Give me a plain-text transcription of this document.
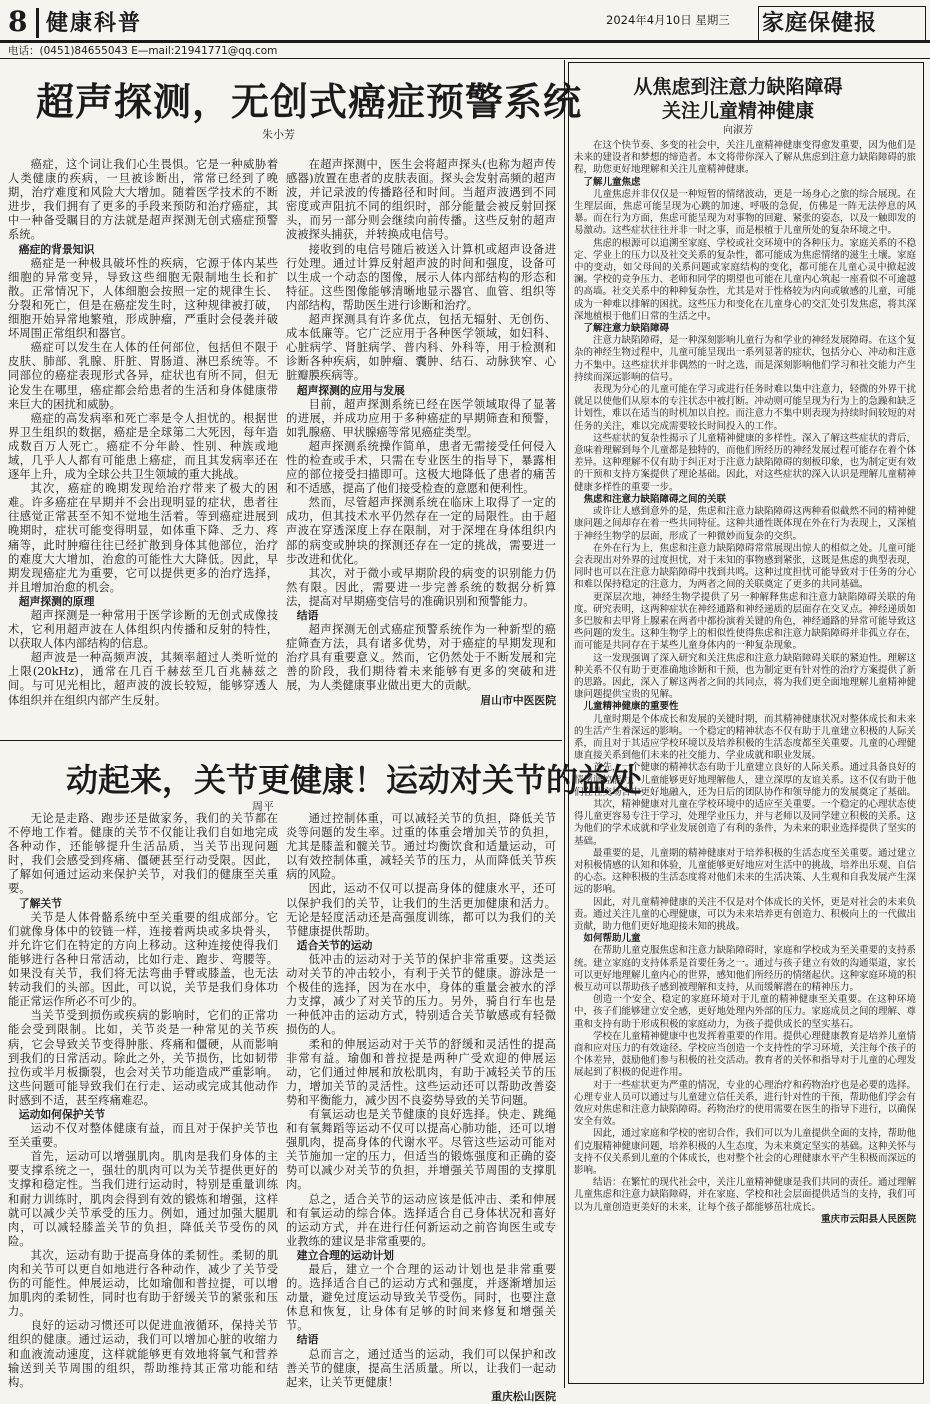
8 健康科普	2024年4月10日 星期三 家庭保健报
电话：(0451)84655043 E—mail:21941771@qq.com
超声探测，无创式癌症预警系统
朱小芳

癌症，这个词让我们心生畏惧。它是一种威胁着人类健康的疾病，一旦被诊断出，常常已经到了晚期，治疗难度和风险大大增加。随着医学技术的不断进步，我们拥有了更多的手段来预防和治疗癌症，其中一种备受瞩目的方法就是超声探测无创式癌症预警系统。

癌症的背景知识

癌症是一种极具破坏性的疾病，它源于体内某些细胞的异常变异，导致这些细胞无限制地生长和扩散。正常情况下，人体细胞会按照一定的规律生长、分裂和死亡，但是在癌症发生时，这种规律被打破，细胞开始异常地繁殖，形成肿瘤，严重时会侵袭并破坏周围正常组织和器官。

癌症可以发生在人体的任何部位，包括但不限于皮肤、肺部、乳腺、肝脏、胃肠道、淋巴系统等。不同部位的癌症表现形式各异，症状也有所不同，但无论发生在哪里，癌症都会给患者的生活和身体健康带来巨大的困扰和威胁。

癌症的高发病率和死亡率是令人担忧的。根据世界卫生组织的数据，癌症是全球第二大死因，每年造成数百万人死亡。癌症不分年龄、性别、种族或地域，几乎人人都有可能患上癌症，而且其发病率还在逐年上升，成为全球公共卫生领域的重大挑战。

其次，癌症的晚期发现给治疗带来了极大的困难。许多癌症在早期并不会出现明显的症状，患者往往感觉正常甚至不知不觉地生活着。等到癌症进展到晚期时，症状可能变得明显，如体重下降、乏力、疼痛等，此时肿瘤往往已经扩散到身体其他部位，治疗的难度大大增加，治愈的可能性大大降低。因此，早期发现癌症尤为重要，它可以提供更多的治疗选择，并且增加治愈的机会。

超声探测的原理

超声探测是一种常用于医学诊断的无创式成像技术，它利用超声波在人体组织内传播和反射的特性，以获取人体内部结构的信息。

超声波是一种高频声波，其频率超过人类听觉的上限(20kHz)，通常在几百千赫兹至几百兆赫兹之间。与可见光相比，超声波的波长较短，能够穿透人体组织并在组织内部产生反射。

在超声探测中，医生会将超声探头(也称为超声传感器)放置在患者的皮肤表面。探头会发射高频的超声波，并记录波的传播路径和时间。当超声波遇到不同密度或声阻抗不同的组织时，部分能量会被反射回探头，而另一部分则会继续向前传播。这些反射的超声波被探头捕获，并转换成电信号。

接收到的电信号随后被送入计算机或超声设备进行处理。通过计算反射超声波的时间和强度，设备可以生成一个动态的图像，展示人体内部结构的形态和特征。这些图像能够清晰地显示器官、血管、组织等内部结构，帮助医生进行诊断和治疗。

超声探测具有许多优点，包括无辐射、无创伤、成本低廉等。它广泛应用于各种医学领域，如妇科、心脏病学、肾脏病学、普内科、外科等，用于检测和诊断各种疾病，如肿瘤、囊肿、结石、动脉狭窄、心脏瓣膜疾病等。

超声探测的应用与发展

目前，超声探测系统已经在医学领域取得了显著的进展，并成功应用于多种癌症的早期筛查和预警，如乳腺癌、甲状腺癌等常见癌症类型。

超声探测系统操作简单，患者无需接受任何侵入性的检查或手术，只需在专业医生的指导下，暴露相应的部位接受扫描即可。这极大地降低了患者的痛苦和不适感，提高了他们接受检查的意愿和便利性。

然而，尽管超声探测系统在临床上取得了一定的成功，但其技术水平仍然存在一定的局限性。由于超声波在穿透深度上存在限制，对于深埋在身体组织内部的病变或肿块的探测还存在一定的挑战，需要进一步改进和优化。

其次，对于微小或早期阶段的病变的识别能力仍然有限。因此，需要进一步完善系统的数据分析算法，提高对早期癌变信号的准确识别和预警能力。

结语

超声探测无创式癌症预警系统作为一种新型的癌症筛查方法，具有诸多优势，对于癌症的早期发现和治疗具有重要意义。然而，它仍然处于不断发展和完善的阶段，我们期待着未来能够有更多的突破和进展，为人类健康事业做出更大的贡献。

眉山市中医医院

动起来，关节更健康！运动对关节的益处
周平

无论是走路、跑步还是做家务，我们的关节都在不停地工作着。健康的关节不仅能让我们自如地完成各种动作，还能够提升生活品质，当关节出现问题时，我们会感受到疼痛、僵硬甚至行动受限。因此，了解如何通过运动来保护关节，对我们的健康至关重要。

了解关节

关节是人体骨骼系统中至关重要的组成部分。它们就像身体中的铰链一样，连接着两块或多块骨头，并允许它们在特定的方向上移动。这种连接使得我们能够进行各种日常活动，比如行走、跑步、弯腰等。如果没有关节，我们将无法弯曲手臂或膝盖，也无法转动我们的头部。因此，可以说，关节是我们身体功能正常运作所必不可少的。

当关节受到损伤或疾病的影响时，它们的正常功能会受到限制。比如，关节炎是一种常见的关节疾病，它会导致关节变得肿胀、疼痛和僵硬，从而影响到我们的日常活动。除此之外，关节损伤，比如韧带拉伤或半月板撕裂，也会对关节功能造成严重影响。这些问题可能导致我们在行走、运动或完成其他动作时感到不适，甚至疼痛难忍。

运动如何保护关节

运动不仅对整体健康有益，而且对于保护关节也至关重要。

首先，运动可以增强肌肉。肌肉是我们身体的主要支撑系统之一，强壮的肌肉可以为关节提供更好的支撑和稳定性。当我们进行运动时，特别是重量训练和耐力训练时，肌肉会得到有效的锻炼和增强，这样就可以减少关节承受的压力。例如，通过加强大腿肌肉，可以减轻膝盖关节的负担，降低关节受伤的风险。

其次，运动有助于提高身体的柔韧性。柔韧的肌肉和关节可以更自如地进行各种动作，减少了关节受伤的可能性。伸展运动，比如瑜伽和普拉提，可以增加肌肉的柔韧性，同时也有助于舒缓关节的紧张和压力。

良好的运动习惯还可以促进血液循环，保持关节组织的健康。通过运动，我们可以增加心脏的收缩力和血液流动速度，这样就能够更有效地将氧气和营养输送到关节周围的组织，帮助维持其正常功能和结构。

通过控制体重，可以减轻关节的负担，降低关节炎等问题的发生率。过重的体重会增加关节的负担，尤其是膝盖和髋关节。通过均衡饮食和适量运动，可以有效控制体重，减轻关节的压力，从而降低关节疾病的风险。

因此，运动不仅可以提高身体的健康水平，还可以保护我们的关节，让我们的生活更加健康和活力。无论是轻度活动还是高强度训练，都可以为我们的关节健康提供帮助。

适合关节的运动

低冲击的运动对于关节的保护非常重要。这类运动对关节的冲击较小，有利于关节的健康。游泳是一个极佳的选择，因为在水中，身体的重量会被水的浮力支撑，减少了对关节的压力。另外，骑自行车也是一种低冲击的运动方式，特别适合关节敏感或有轻微损伤的人。

柔和的伸展运动对于关节的舒缓和灵活性的提高非常有益。瑜伽和普拉提是两种广受欢迎的伸展运动，它们通过伸展和放松肌肉，有助于减轻关节的压力，增加关节的灵活性。这些运动还可以帮助改善姿势和平衡能力，减少因不良姿势导致的关节问题。

有氧运动也是关节健康的良好选择。快走、跳绳和有氧舞蹈等运动不仅可以提高心肺功能，还可以增强肌肉，提高身体的代谢水平。尽管这些运动可能对关节施加一定的压力，但适当的锻炼强度和正确的姿势可以减少对关节的负担，并增强关节周围的支撑肌肉。

总之，适合关节的运动应该是低冲击、柔和伸展和有氧运动的综合体。选择适合自己身体状况和喜好的运动方式，并在进行任何新运动之前咨询医生或专业教练的建议是非常重要的。

建立合理的运动计划

最后，建立一个合理的运动计划也是非常重要的。选择适合自己的运动方式和强度，并逐渐增加运动量，避免过度运动导致关节受伤。同时，也要注意休息和恢复，让身体有足够的时间来修复和增强关节。

结语

总而言之，通过适当的运动，我们可以保护和改善关节的健康，提高生活质量。所以，让我们一起动起来，让关节更健康！

重庆松山医院

从焦虑到注意力缺陷障碍
关注儿童精神健康
向淑芳

在这个快节奏、多变的社会中，关注儿童精神健康变得愈发重要，因为他们是未来的建设者和梦想的缔造者。本文将带你深入了解从焦虑到注意力缺陷障碍的旅程，助您更好地理解和关注儿童精神健康。

了解儿童焦虑

儿童焦虑并非仅仅是一种短暂的情绪波动，更是一场身心之旅的综合展现。在生理层面，焦虑可能呈现为心跳的加速、呼吸的急促，仿佛是一阵无法停息的风暴。而在行为方面，焦虑可能呈现为对事物的回避、紧张的姿态，以及一触即发的易激动。这些症状往往并非一时之事，而是根植于儿童所处的复杂环境之中。

焦虑的根源可以追溯至家庭、学校或社交环境中的各种压力。家庭关系的不稳定、学业上的压力以及社交关系的复杂性，都可能成为焦虑情绪的滋生土壤。家庭中的变动，如父母间的关系问题或家庭结构的变化，都可能在儿童心灵中掀起波澜。学校的竞争压力、老师和同学的期望也可能在儿童内心筑起一座看似不可逾越的高墙。社交关系中的种种复杂性，尤其是对于性格较为内向或敏感的儿童，可能成为一种难以排解的困扰。这些压力和变化在儿童身心的交汇处引发焦虑，将其深深地植根于他们日常的生活之中。

了解注意力缺陷障碍

注意力缺陷障碍，是一种深刻影响儿童行为和学业的神经发展障碍。在这个复杂的神经生物过程中，儿童可能呈现出一系列显著的症状，包括分心、冲动和注意力不集中。这些症状并非偶然的一时之选，而是深刻影响他们学习和社交能力产生持续而深远影响的信号。

表现为分心的儿童可能在学习或进行任务时难以集中注意力，轻微的外界干扰就足以使他们从原本的专注状态中被打断。冲动则可能呈现为行为上的急躁和缺乏计划性，难以在适当的时机加以自控。而注意力不集中则表现为持续时间较短的对任务的关注，难以完成需要较长时间投入的工作。

这些症状的复杂性揭示了儿童精神健康的多样性。深入了解这些症状的背后，意味着理解到每个儿童都是独特的，而他们所经历的神经发展过程可能存在着个体差异。这种理解不仅有助于纠正对于注意力缺陷障碍的刻板印象，也为制定更有效的干预和支持方案提供了理论基础。因此，对这些症状的深入认识是理解儿童精神健康多样性的重要一步。

焦虑和注意力缺陷障碍之间的关联

或许让人感到意外的是，焦虑和注意力缺陷障碍这两种看似截然不同的精神健康问题之间却存在着一些共同特征。这种共通性既体现在外在行为表现上，又深植于神经生物学的层面，形成了一种微妙而复杂的交织。

在外在行为上，焦虑和注意力缺陷障碍常常展现出惊人的相似之处。儿童可能会表现出对外界的过度担忧，对于未知的事物感到紧张，这既是焦虑的典型表现，同时也可以在注意力缺陷障碍中找到共鸣。这种过度担忧可能导致对于任务的分心和难以保持稳定的注意力，为两者之间的关联奠定了更多的共同基础。

更深层次地，神经生物学提供了另一种解释焦虑和注意力缺陷障碍关联的角度。研究表明，这两种症状在神经通路和神经递质的层面存在交叉点。神经递质如多巴胺和去甲肾上腺素在两者中都扮演着关键的角色，神经通路的异常可能导致这些问题的发生。这种生物学上的相似性使得焦虑和注意力缺陷障碍并非孤立存在，而可能是共同存在于某些儿童身体内的一种复杂现象。

这一发现强调了深入研究和关注焦虑和注意力缺陷障碍关联的紧迫性。理解这种关系不仅有助于更准确地诊断和干预，也为制定更有针对性的治疗方案提供了新的思路。因此，深入了解这两者之间的共同点，将为我们更全面地理解儿童精神健康问题提供宝贵的见解。

儿童精神健康的重要性

儿童时期是个体成长和发展的关键时期，而其精神健康状况对整体成长和未来的生活产生着深远的影响。一个稳定的精神状态不仅有助于儿童建立积极的人际关系，而且对于其适应学校环境以及培养积极的生活态度都至关重要。儿童的心理健康直接关系到他们未来的社交能力、学业成就和职业发展。

首先，一个健康的精神状态有助于儿童建立良好的人际关系。通过具备良好的情绪调控能力，儿童能够更好地理解他人，建立深厚的友谊关系。这不仅有助于他们在社交场合中更好地融入，还为日后的团队协作和领导能力的发展奠定了基础。

其次，精神健康对儿童在学校环境中的适应至关重要。一个稳定的心理状态使得儿童更容易专注于学习，处理学业压力，并与老师以及同学建立积极的关系。这为他们的学术成就和学业发展创造了有利的条件，为未来的职业选择提供了坚实的基础。

最重要的是，儿童期的精神健康对于培养积极的生活态度至关重要。通过建立对积极情感的认知和体验，儿童能够更好地应对生活中的挑战，培养出乐观、自信的心态。这种积极的生活态度将对他们未来的生活决策、人生观和自我发展产生深远的影响。

因此，对儿童精神健康的关注不仅是对个体成长的关怀，更是对社会的未来负责。通过关注儿童的心理健康，可以为未来培养更有创造力、积极向上的一代做出贡献，助力他们更好地迎接未知的挑战。

如何帮助儿童

在帮助儿童克服焦虑和注意力缺陷障碍时，家庭和学校成为至关重要的支持系统。建立家庭的支持体系是首要任务之一。通过与孩子建立有效的沟通渠道，家长可以更好地理解儿童内心的世界，感知他们所经历的情绪起伏。这种家庭环境的积极互动可以帮助孩子感到被理解和支持，从而缓解潜在的精神压力。

创造一个安全、稳定的家庭环境对于儿童的精神健康至关重要。在这种环境中，孩子们能够建立安全感，更好地处理内外部的压力。家庭成员之间的理解、尊重和支持有助于形成积极的家庭动力，为孩子提供成长的坚实基石。

学校在儿童精神健康中也发挥着重要的作用。提供心理健康教育是培养儿童情商和应对压力的有效途径。学校应当创造一个支持性的学习环境，关注每个孩子的个体差异，鼓励他们参与积极的社交活动。教育者的关怀和指导对于儿童的心理发展起到了积极的促进作用。

对于一些症状更为严重的情况，专业的心理治疗和药物治疗也是必要的选择。心理专业人员可以通过与儿童建立信任关系，进行针对性的干预，帮助他们学会有效应对焦虑和注意力缺陷障碍。药物治疗的使用需要在医生的指导下进行，以确保安全有效。

因此，通过家庭和学校的密切合作，我们可以为儿童提供全面的支持，帮助他们克服精神健康问题，培养积极的人生态度，为未来奠定坚实的基础。这种关怀与支持不仅关系到儿童的个体成长，也对整个社会的心理健康水平产生积极而深远的影响。

结语：在繁忙的现代社会中，关注儿童精神健康是我们共同的责任。通过理解儿童焦虑和注意力缺陷障碍，并在家庭、学校和社会层面提供适当的支持，我们可以为儿童创造更美好的未来，让每个孩子都能够茁壮成长。

重庆市云阳县人民医院
